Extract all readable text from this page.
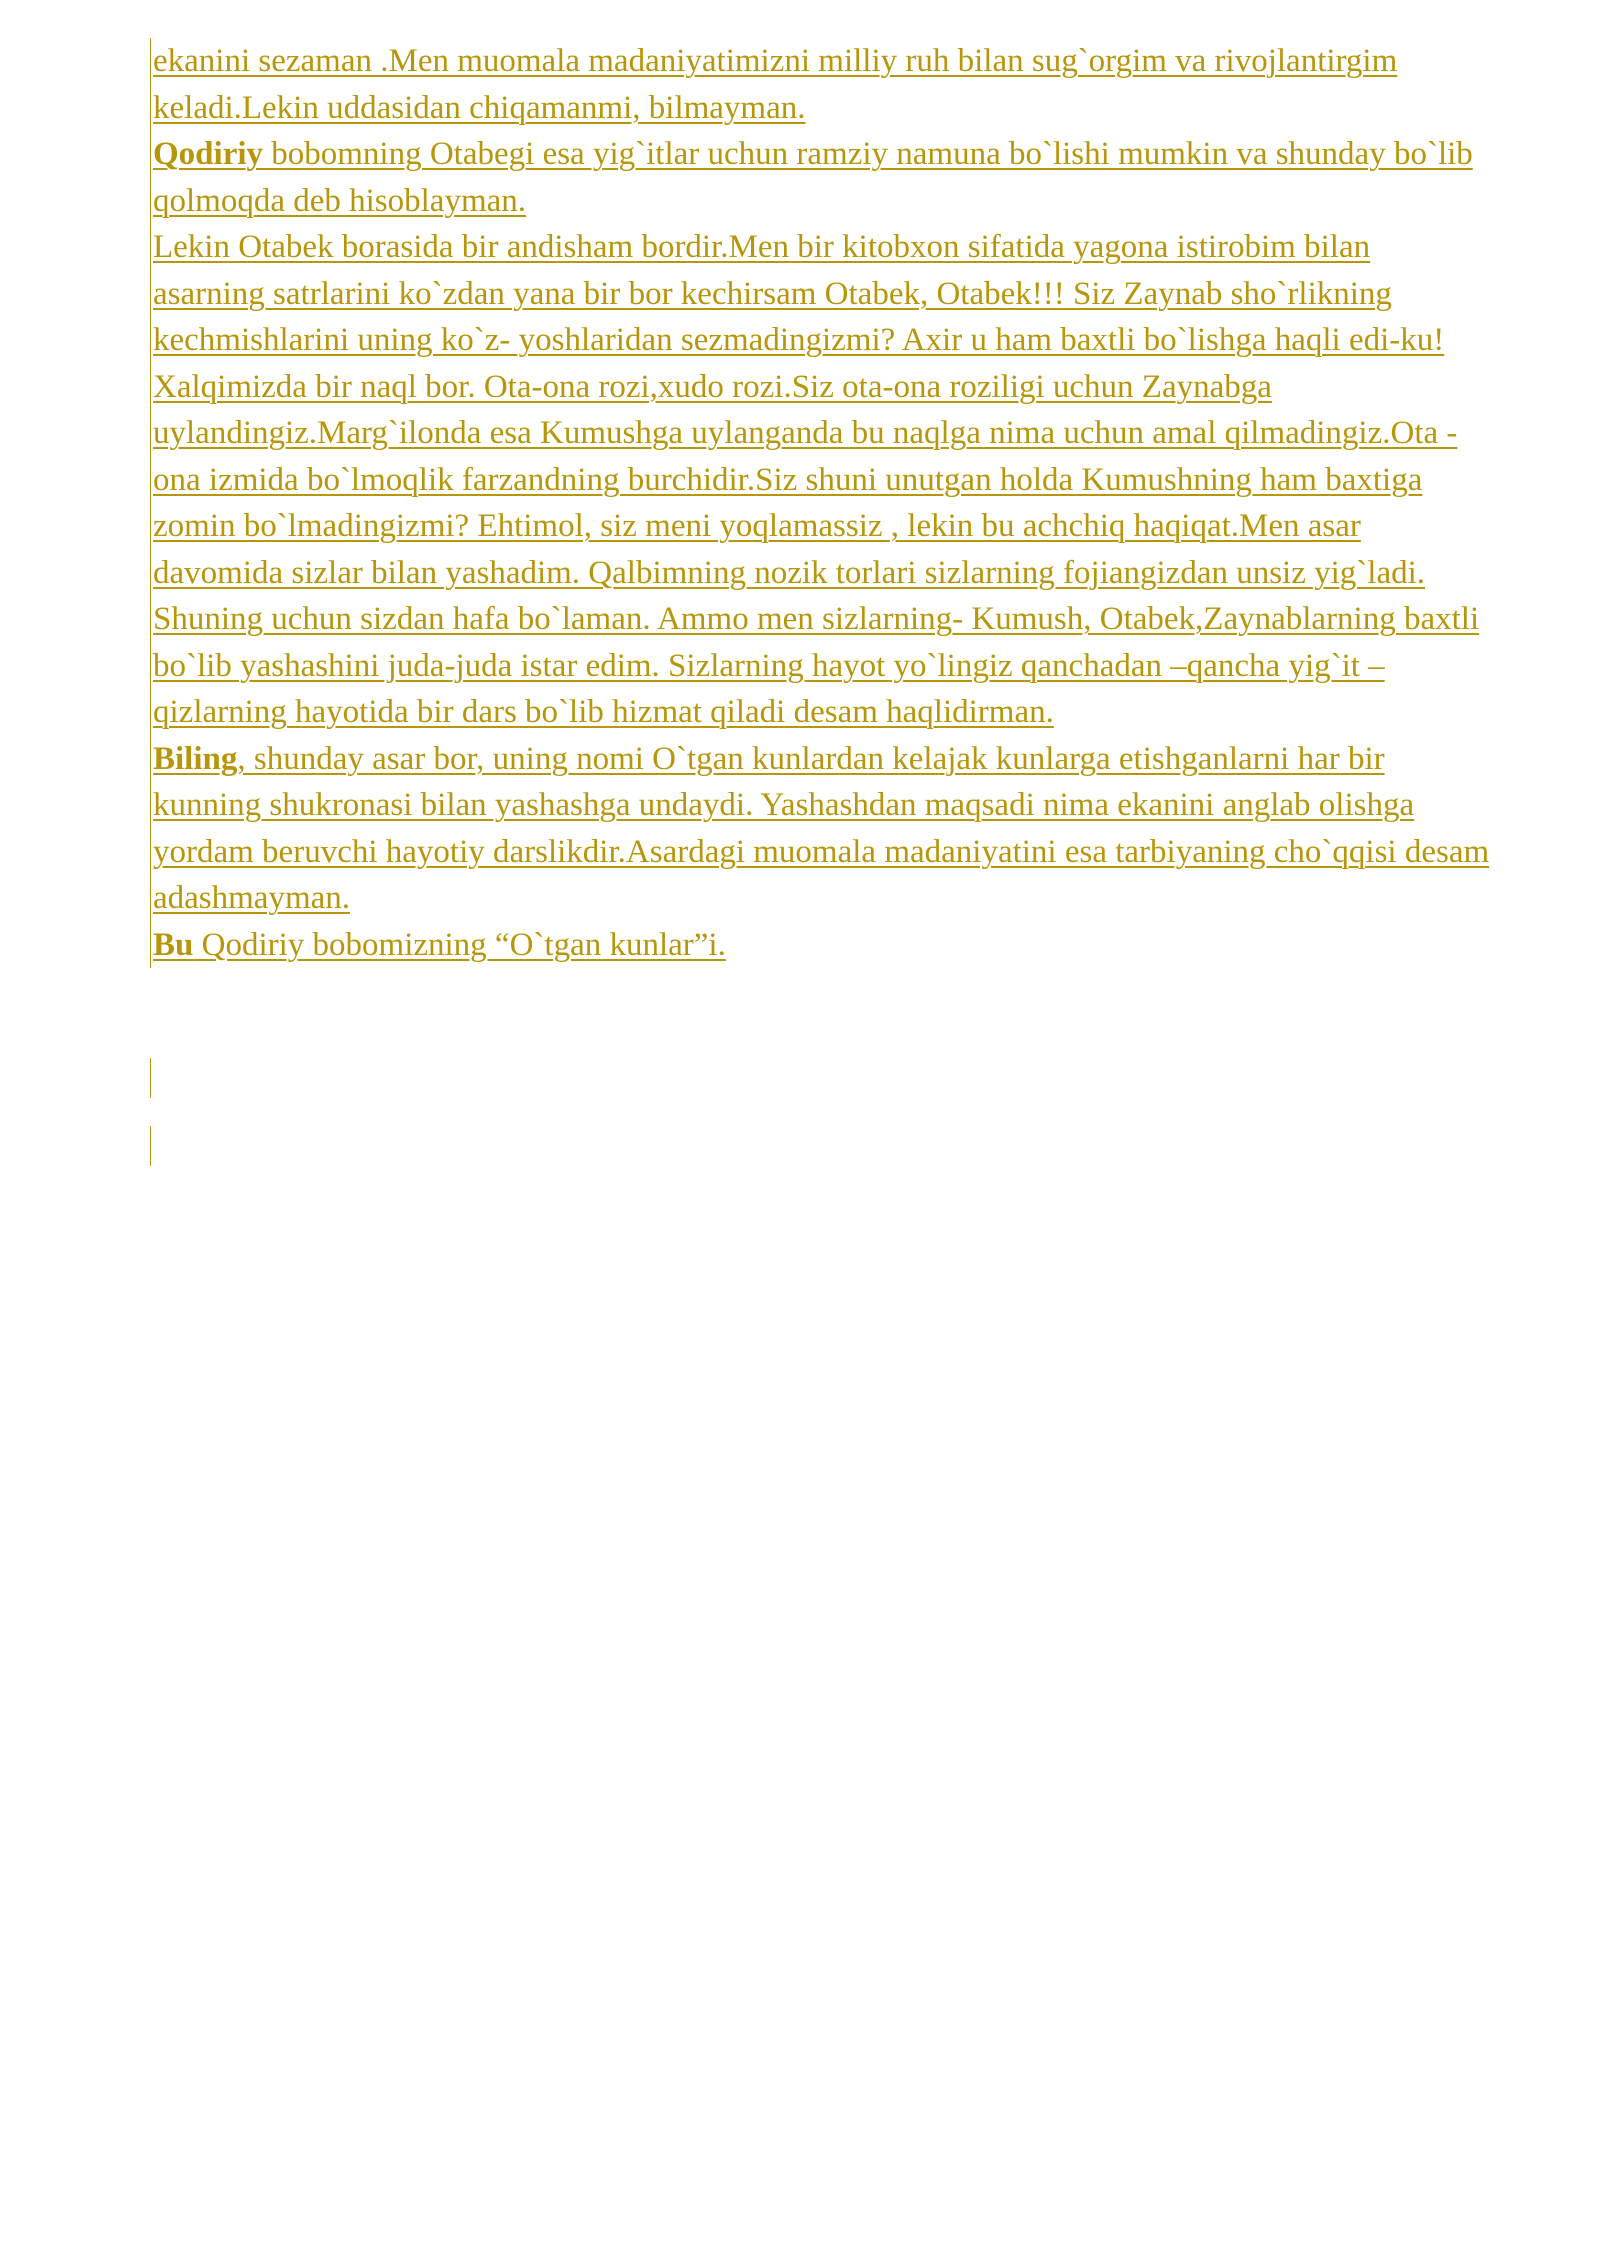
ekanini sezaman .Men muomala madaniyatimizni milliy ruh bilan sug`orgim va rivojlantirgim keladi.Lekin uddasidan chiqamanmi, bilmayman.

Qodiriy bobomning Otabegi esa yig`itlar uchun ramziy namuna bo`lishi mumkin va shunday bo`lib qolmoqda deb hisoblayman.

Lekin Otabek borasida bir andisham bordir.Men bir kitobxon sifatida yagona istirobim bilan asarning satrlarini ko`zdan yana bir bor kechirsam Otabek, Otabek!!! Siz Zaynab sho`rlikning kechmishlarini uning ko`z- yoshlaridan sezmadingizmi? Axir u ham baxtli bo`lishga haqli edi-ku!

Xalqimizda bir naql bor. Ota-ona rozi,xudo rozi.Siz ota-ona roziligi uchun Zaynabga uylandingiz.Marg`ilonda esa Kumushga uylanganda bu naqlga nima uchun amal qilmadingiz.Ota -ona izmida bo`lmoqlik farzandning burchidir.Siz shuni unutgan holda Kumushning ham baxtiga zomin bo`lmadingizmi? Ehtimol, siz meni yoqlamassiz , lekin bu achchiq haqiqat.Men asar davomida sizlar bilan yashadim. Qalbimning nozik torlari sizlarning fojiangizdan unsiz yig`ladi. Shuning uchun sizdan hafa bo`laman. Ammo men sizlarning- Kumush, Otabek,Zaynablarning baxtli bo`lib yashashini juda-juda istar edim. Sizlarning hayot yo`lingiz qanchadan –qancha yig`it –qizlarning hayotida bir dars bo`lib hizmat qiladi desam haqlidirman.

Biling, shunday asar bor, uning nomi O`tgan kunlardan kelajak kunlarga etishganlarni har bir kunning shukronasi bilan yashashga undaydi. Yashashdan maqsadi nima ekanini anglab olishga yordam beruvchi hayotiy darslikdir.Asardagi muomala madaniyatini esa tarbiyaning cho`qqisi desam adashmayman.

Bu Qodiriy bobomizning “O`tgan kunlar”i.
